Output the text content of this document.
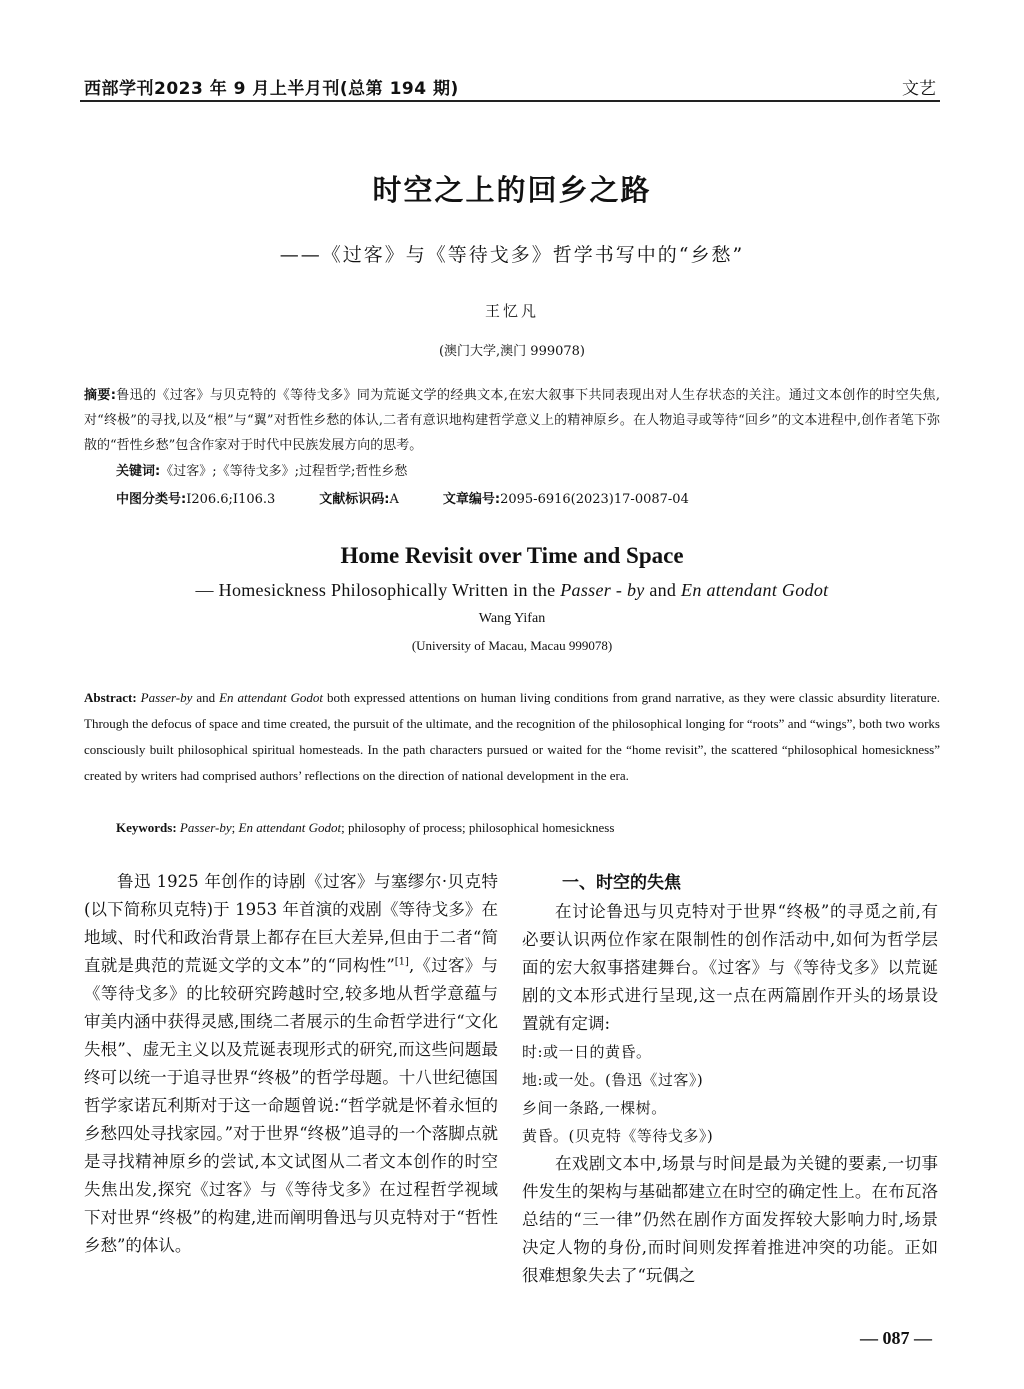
西部学刊2023 年 9 月上半月刊(总第 194 期)	文艺
时空之上的回乡之路
——《过客》与《等待戈多》哲学书写中的“乡愁”
王忆凡
(澳门大学,澳门 999078)
摘要:鲁迅的《过客》与贝克特的《等待戈多》同为荒诞文学的经典文本,在宏大叙事下共同表现出对人生存状态的关注。通过文本创作的时空失焦,对“终极”的寻找,以及“根”与“翼”对哲性乡愁的体认,二者有意识地构建哲学意义上的精神原乡。在人物追寻或等待“回乡”的文本进程中,创作者笔下弥散的“哲性乡愁”包含作家对于时代中民族发展方向的思考。
关键词:《过客》;《等待戈多》;过程哲学;哲性乡愁
中图分类号:I206.6;I106.3	文献标识码:A	文章编号:2095-6916(2023)17-0087-04
Home Revisit over Time and Space
— Homesickness Philosophically Written in the Passer - by and En attendant Godot
Wang Yifan
(University of Macau, Macau 999078)
Abstract: Passer-by and En attendant Godot both expressed attentions on human living conditions from grand narrative, as they were classic absurdity literature. Through the defocus of space and time created, the pursuit of the ultimate, and the recognition of the philosophical longing for “roots” and “wings”, both two works consciously built philosophical spiritual homesteads. In the path characters pursued or waited for the “home revisit”, the scattered “philosophical homesickness” created by writers had comprised authors’ reflections on the direction of national development in the era.
Keywords: Passer-by; En attendant Godot; philosophy of process; philosophical homesickness

鲁迅 1925 年创作的诗剧《过客》与塞缪尔·贝克特(以下简称贝克特)于 1953 年首演的戏剧《等待戈多》在地域、时代和政治背景上都存在巨大差异,但由于二者“简直就是典范的荒诞文学的文本”的“同构性”[1],《过客》与《等待戈多》的比较研究跨越时空,较多地从哲学意蕴与审美内涵中获得灵感,围绕二者展示的生命哲学进行“文化失根”、虚无主义以及荒诞表现形式的研究,而这些问题最终可以统一于追寻世界“终极”的哲学母题。十八世纪德国哲学家诺瓦利斯对于这一命题曾说:“哲学就是怀着永恒的乡愁四处寻找家园。”对于世界“终极”追寻的一个落脚点就是寻找精神原乡的尝试,本文试图从二者文本创作的时空失焦出发,探究《过客》与《等待戈多》在过程哲学视域下对世界“终极”的构建,进而阐明鲁迅与贝克特对于“哲性乡愁”的体认。

一、时空的失焦

在讨论鲁迅与贝克特对于世界“终极”的寻觅之前,有必要认识两位作家在限制性的创作活动中,如何为哲学层面的宏大叙事搭建舞台。《过客》与《等待戈多》以荒诞剧的文本形式进行呈现,这一点在两篇剧作开头的场景设置就有定调:

时:或一日的黄昏。

地:或一处。(鲁迅《过客》)

乡间一条路,一棵树。

黄昏。(贝克特《等待戈多》)

在戏剧文本中,场景与时间是最为关键的要素,一切事件发生的架构与基础都建立在时空的确定性上。在布瓦洛总结的“三一律”仍然在剧作方面发挥较大影响力时,场景决定人物的身份,而时间则发挥着推进冲突的功能。正如很难想象失去了“玩偶之

— 087 —
